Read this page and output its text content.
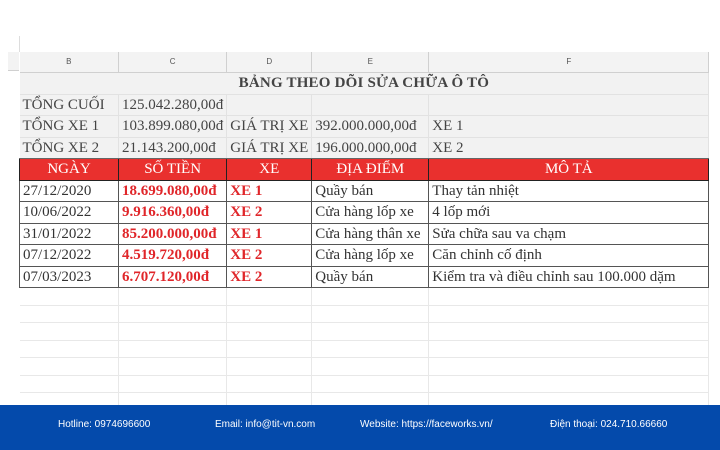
B	C	D	E	F
BẢNG THEO DÕI SỬA CHỮA Ô TÔ				
TỔNG CUỐI	125.042.280,00đ			
TỔNG XE 1	103.899.080,00đ	GIÁ TRỊ XE	392.000.000,00đ	XE 1
TỔNG XE 2	21.143.200,00đ	GIÁ TRỊ XE	196.000.000,00đ	XE 2
NGÀY	SỐ TIỀN	XE	ĐỊA ĐIỂM	MÔ TẢ
27/12/2020	18.699.080,00đ	XE 1	Quầy bán	Thay tản nhiệt
10/06/2022	9.916.360,00đ	XE 2	Cửa hàng lốp xe	4 lốp mới
31/01/2022	85.200.000,00đ	XE 1	Cửa hàng thân xe	Sửa chữa sau va chạm
07/12/2022	4.519.720,00đ	XE 2	Cửa hàng lốp xe	Căn chỉnh cố định
07/03/2023	6.707.120,00đ	XE 2	Quầy bán	Kiểm tra và điều chỉnh sau 100.000 dặm

Hotline: 0974696600	Email: info@tit-vn.com	Website: https://faceworks.vn/	Điện thoại: 024.710.66660
